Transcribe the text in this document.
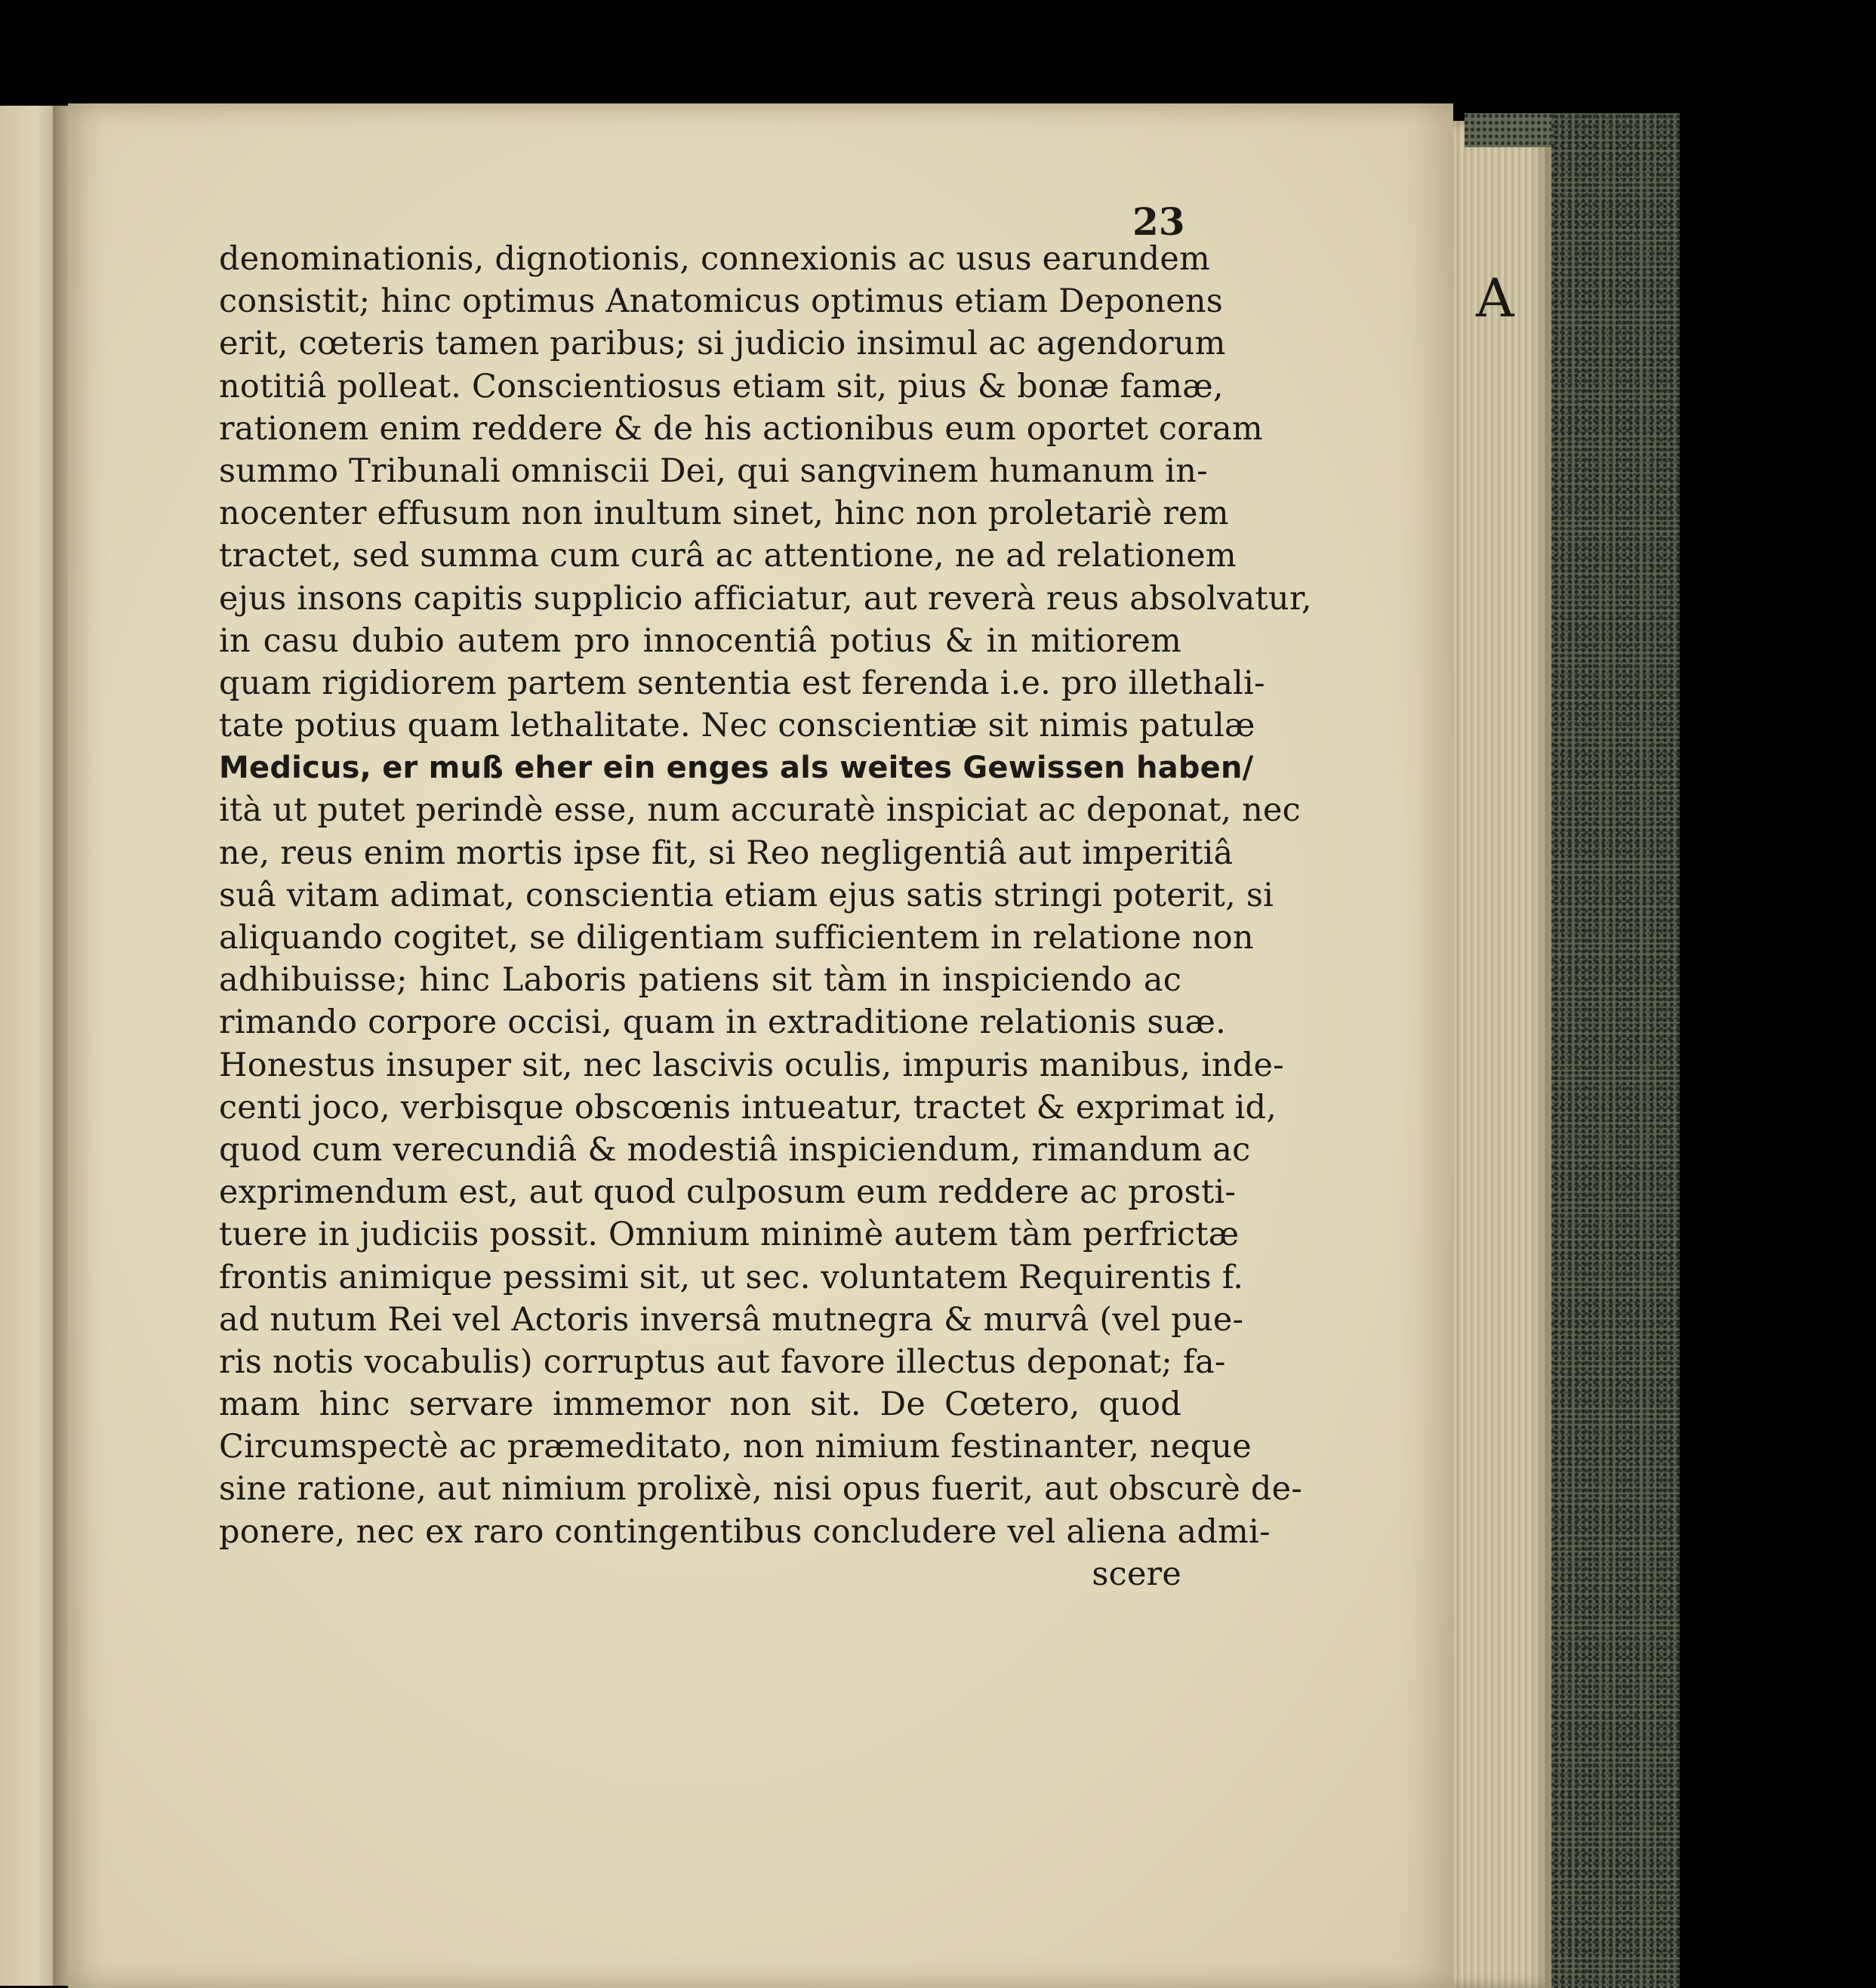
A
23
denominationis, dignotionis, connexionis ac usus earundem
consistit; hinc optimus Anatomicus optimus etiam Deponens
erit, cœteris tamen paribus; si judicio insimul ac agendorum
notitiâ polleat. Conscientiosus etiam sit, pius & bonæ famæ,
rationem enim reddere & de his actionibus eum oportet coram
summo Tribunali omniscii Dei, qui sangvinem humanum in-
nocenter effusum non inultum sinet, hinc non proletariè rem
tractet, sed summa cum curâ ac attentione, ne ad relationem
ejus insons capitis supplicio afficiatur, aut reverà reus absolvatur,
in casu dubio autem pro innocentiâ potius & in mitiorem
quam rigidiorem partem sententia est ferenda i.e. pro illethali-
tate potius quam lethalitate. Nec conscientiæ sit nimis patulæ
Medicus, er muß eher ein enges als weites Gewissen haben/
ità ut putet perindè esse, num accuratè inspiciat ac deponat, nec
ne, reus enim mortis ipse fit, si Reo negligentiâ aut imperitiâ
suâ vitam adimat, conscientia etiam ejus satis stringi poterit, si
aliquando cogitet, se diligentiam sufficientem in relatione non
adhibuisse; hinc Laboris patiens sit tàm in inspiciendo ac
rimando corpore occisi, quam in extraditione relationis suæ.
Honestus insuper sit, nec lascivis oculis, impuris manibus, inde-
centi joco, verbisque obscœnis intueatur, tractet & exprimat id,
quod cum verecundiâ & modestiâ inspiciendum, rimandum ac
exprimendum est, aut quod culposum eum reddere ac prosti-
tuere in judiciis possit. Omnium minimè autem tàm perfrictæ
frontis animique pessimi sit, ut sec. voluntatem Requirentis f.
ad nutum Rei vel Actoris inversâ mutnegra & murvâ (vel pue-
ris notis vocabulis) corruptus aut favore illectus deponat; fa-
mam hinc servare immemor non sit. De Cœtero, quod
Circumspectè ac præmeditato, non nimium festinanter, neque
sine ratione, aut nimium prolixè, nisi opus fuerit, aut obscurè de-
ponere, nec ex raro contingentibus concludere vel aliena admi-
scere
